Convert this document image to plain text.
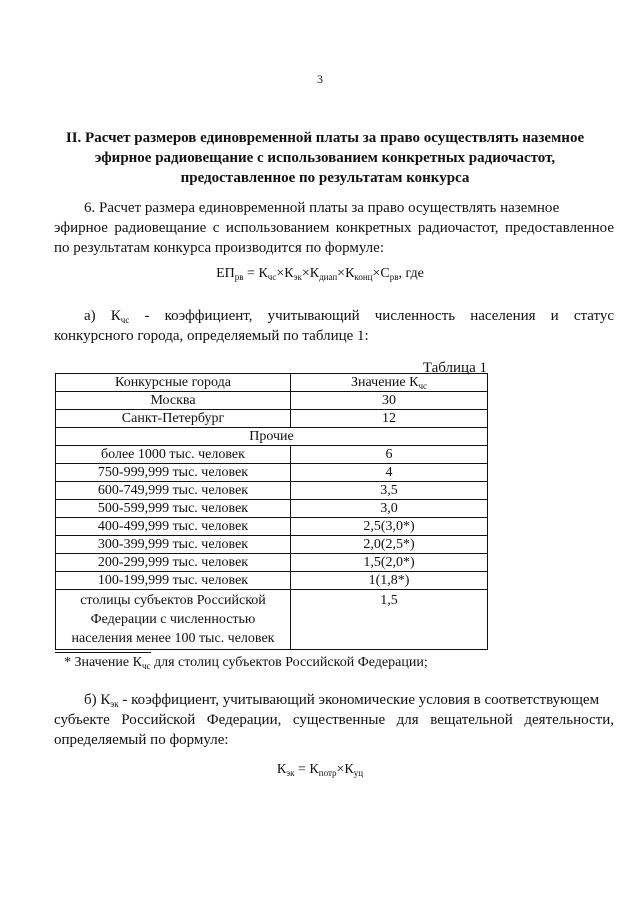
3
II. Расчет размеров единовременной платы за право осуществлять наземное
эфирное радиовещание с использованием конкретных радиочастот,
предоставленное по результатам конкурса
6. Расчет размера единовременной платы за право осуществлять наземное
эфирное радиовещание с использованием конкретных радиочастот, предоставленное
по результатам конкурса производится по формуле:
$ЕП_{рв} = К_{чс}\times К_{эк}\times К_{диап}\times К_{конц}\times С_{рв}$, где
а) $К_{чс}$ - коэффициент, учитывающий численность населения и статус
конкурсного города, определяемый по таблице 1:
Таблица 1
Конкурсные города	Значение $К_{чс}$
Москва	30
Санкт-Петербург	12
Прочие	
более 1000 тыс. человек	6
750-999,999 тыс. человек	4
600-749,999 тыс. человек	3,5
500-599,999 тыс. человек	3,0
400-499,999 тыс. человек	2,5(3,0*)
300-399,999 тыс. человек	2,0(2,5*)
200-299,999 тыс. человек	1,5(2,0*)
100-199,999 тыс. человек	1(1,8*)

столицы субъектов Российской
Федерации с численностью
населения менее 100 тыс. человек	1,5
* Значение $К_{чс}$ для столиц субъектов Российской Федерации;
б) $К_{эк}$ - коэффициент, учитывающий экономические условия в соответствующем
субъекте Российской Федерации, существенные для вещательной деятельности,
определяемый по формуле:
$К_{эк} = К_{потр}\times К_{уц}$
